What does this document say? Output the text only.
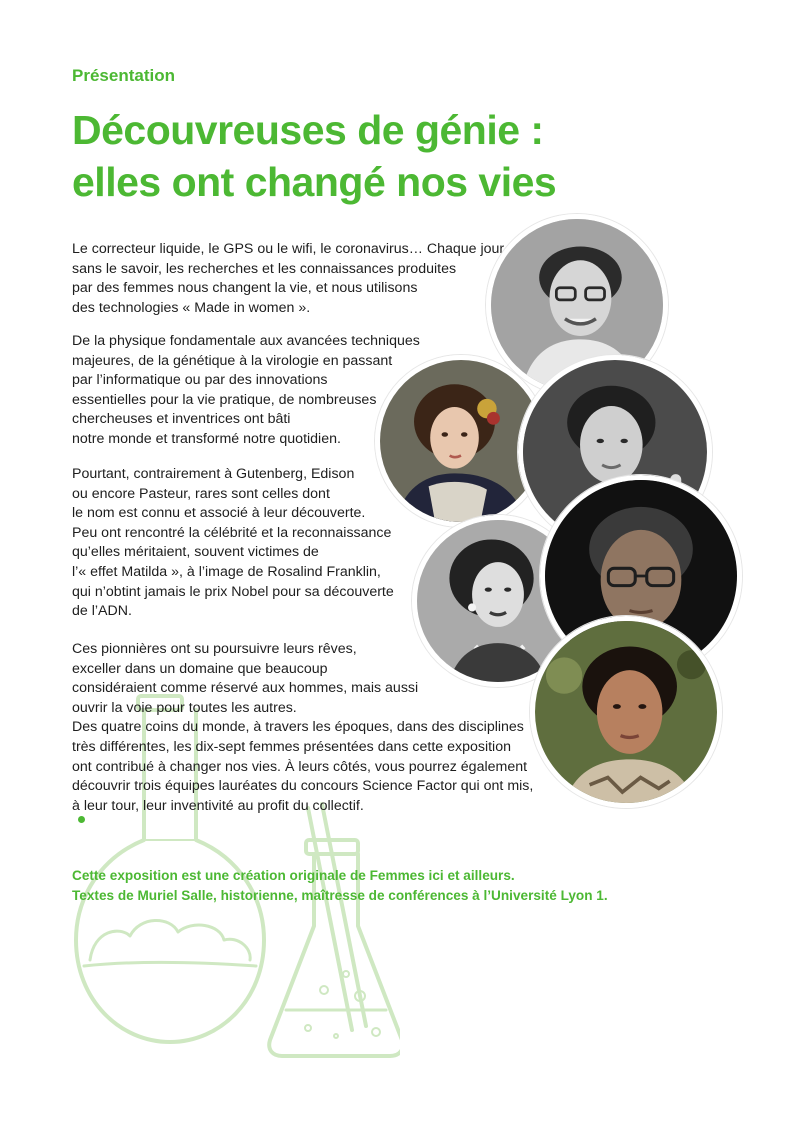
Présentation
Découvreuses de génie :
elles ont changé nos vies

Le correcteur liquide, le GPS ou le wifi, le coronavirus… Chaque jour,
sans le savoir, les recherches et les connaissances produites
par des femmes nous changent la vie, et nous utilisons
des technologies « Made in women ».

De la physique fondamentale aux avancées techniques
majeures, de la génétique à la virologie en passant
par l’informatique ou par des innovations
essentielles pour la vie pratique, de nombreuses
chercheuses et inventrices ont bâti
notre monde et transformé notre quotidien.

Pourtant, contrairement à Gutenberg, Edison
ou encore Pasteur, rares sont celles dont
le nom est connu et associé à leur découverte.
Peu ont rencontré la célébrité et la reconnaissance
qu’elles méritaient, souvent victimes de
l’« effet Matilda », à l’image de Rosalind Franklin,
qui n’obtint jamais le prix Nobel pour sa découverte
de l’ADN.

Ces pionnières ont su poursuivre leurs rêves,
exceller dans un domaine que beaucoup
considéraient comme réservé aux hommes, mais aussi
ouvrir la voie pour toutes les autres.
Des quatre coins du monde, à travers les époques, dans des disciplines
très différentes, les dix-sept femmes présentées dans cette exposition
ont contribué à changer nos vies. À leurs côtés, vous pourrez également
découvrir trois équipes lauréates du concours Science Factor qui ont mis,
à leur tour, leur inventivité au profit du collectif.

Cette exposition est une création originale de Femmes ici et ailleurs.
Textes de Muriel Salle, historienne, maîtresse de conférences à l’Université Lyon 1.
